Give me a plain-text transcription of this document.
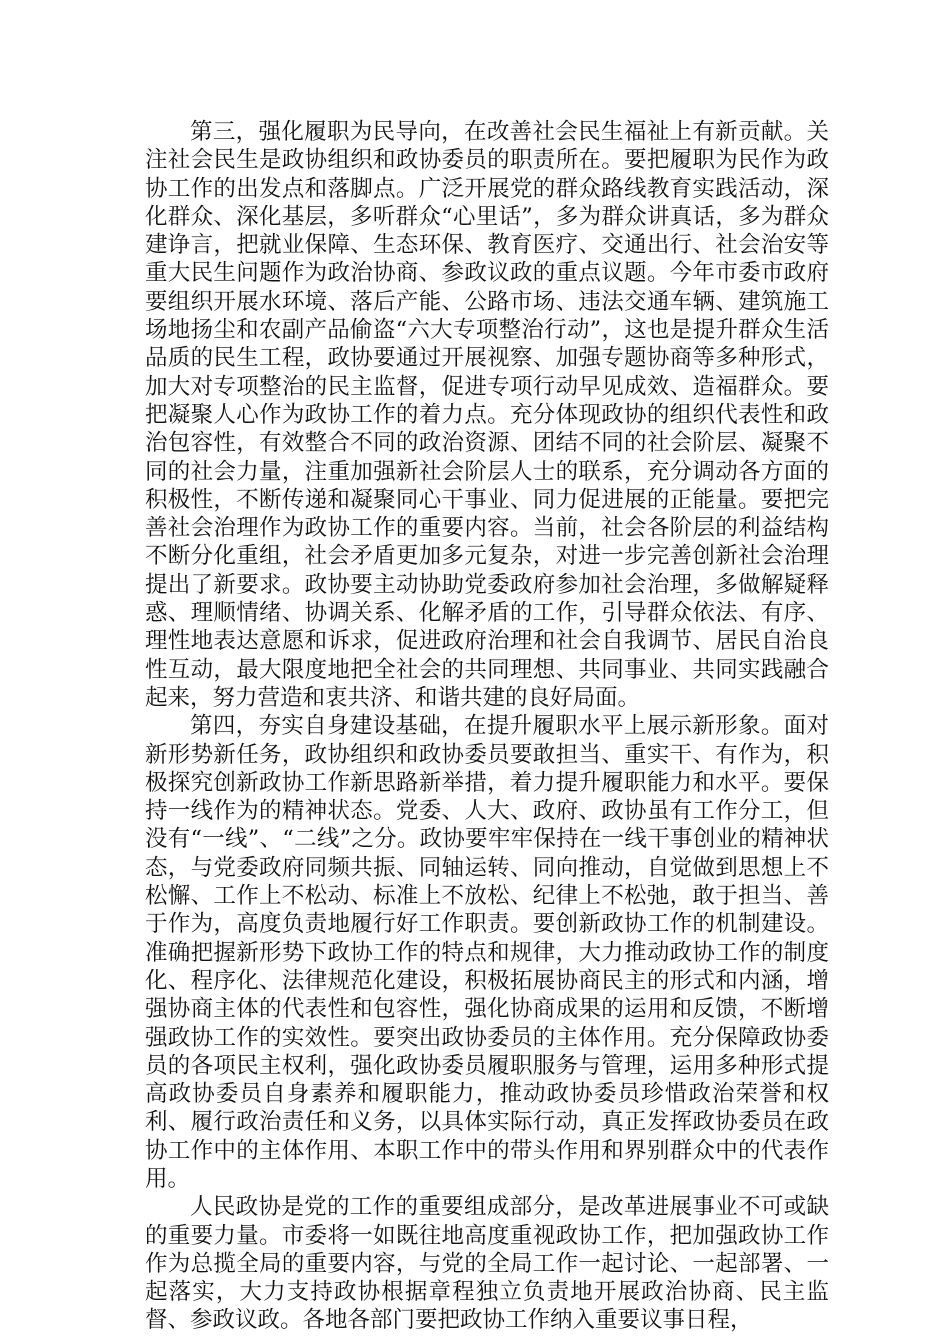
第三，强化履职为民导向，在改善社会民生福祉上有新贡献。关注社会民生是政协组织和政协委员的职责所在。要把履职为民作为政协工作的出发点和落脚点。广泛开展党的群众路线教育实践活动，深化群众、深化基层，多听群众“心里话”，多为群众讲真话，多为群众建诤言，把就业保障、生态环保、教育医疗、交通出行、社会治安等重大民生问题作为政治协商、参政议政的重点议题。今年市委市政府要组织开展水环境、落后产能、公路市场、违法交通车辆、建筑施工场地扬尘和农副产品偷盗“六大专项整治行动”，这也是提升群众生活品质的民生工程，政协要通过开展视察、加强专题协商等多种形式，加大对专项整治的民主监督，促进专项行动早见成效、造福群众。要把凝聚人心作为政协工作的着力点。充分体现政协的组织代表性和政治包容性，有效整合不同的政治资源、团结不同的社会阶层、凝聚不同的社会力量，注重加强新社会阶层人士的联系，充分调动各方面的积极性，不断传递和凝聚同心干事业、同力促进展的正能量。要把完善社会治理作为政协工作的重要内容。当前，社会各阶层的利益结构不断分化重组，社会矛盾更加多元复杂，对进一步完善创新社会治理提出了新要求。政协要主动协助党委政府参加社会治理，多做解疑释惑、理顺情绪、协调关系、化解矛盾的工作，引导群众依法、有序、理性地表达意愿和诉求，促进政府治理和社会自我调节、居民自治良性互动，最大限度地把全社会的共同理想、共同事业、共同实践融合起来，努力营造和衷共济、和谐共建的良好局面。

第四，夯实自身建设基础，在提升履职水平上展示新形象。面对新形势新任务，政协组织和政协委员要敢担当、重实干、有作为，积极探究创新政协工作新思路新举措，着力提升履职能力和水平。要保持一线作为的精神状态。党委、人大、政府、政协虽有工作分工，但没有“一线”、“二线”之分。政协要牢牢保持在一线干事创业的精神状态，与党委政府同频共振、同轴运转、同向推动，自觉做到思想上不松懈、工作上不松动、标准上不放松、纪律上不松弛，敢于担当、善于作为，高度负责地履行好工作职责。要创新政协工作的机制建设。准确把握新形势下政协工作的特点和规律，大力推动政协工作的制度化、程序化、法律规范化建设，积极拓展协商民主的形式和内涵，增强协商主体的代表性和包容性，强化协商成果的运用和反馈，不断增强政协工作的实效性。要突出政协委员的主体作用。充分保障政协委员的各项民主权利，强化政协委员履职服务与管理，运用多种形式提高政协委员自身素养和履职能力，推动政协委员珍惜政治荣誉和权利、履行政治责任和义务，以具体实际行动，真正发挥政协委员在政协工作中的主体作用、本职工作中的带头作用和界别群众中的代表作用。

人民政协是党的工作的重要组成部分，是改革进展事业不可或缺的重要力量。市委将一如既往地高度重视政协工作，把加强政协工作作为总揽全局的重要内容，与党的全局工作一起讨论、一起部署、一起落实，大力支持政协根据章程独立负责地开展政治协商、民主监督、参政议政。各地各部门要把政协工作纳入重要议事日程，
